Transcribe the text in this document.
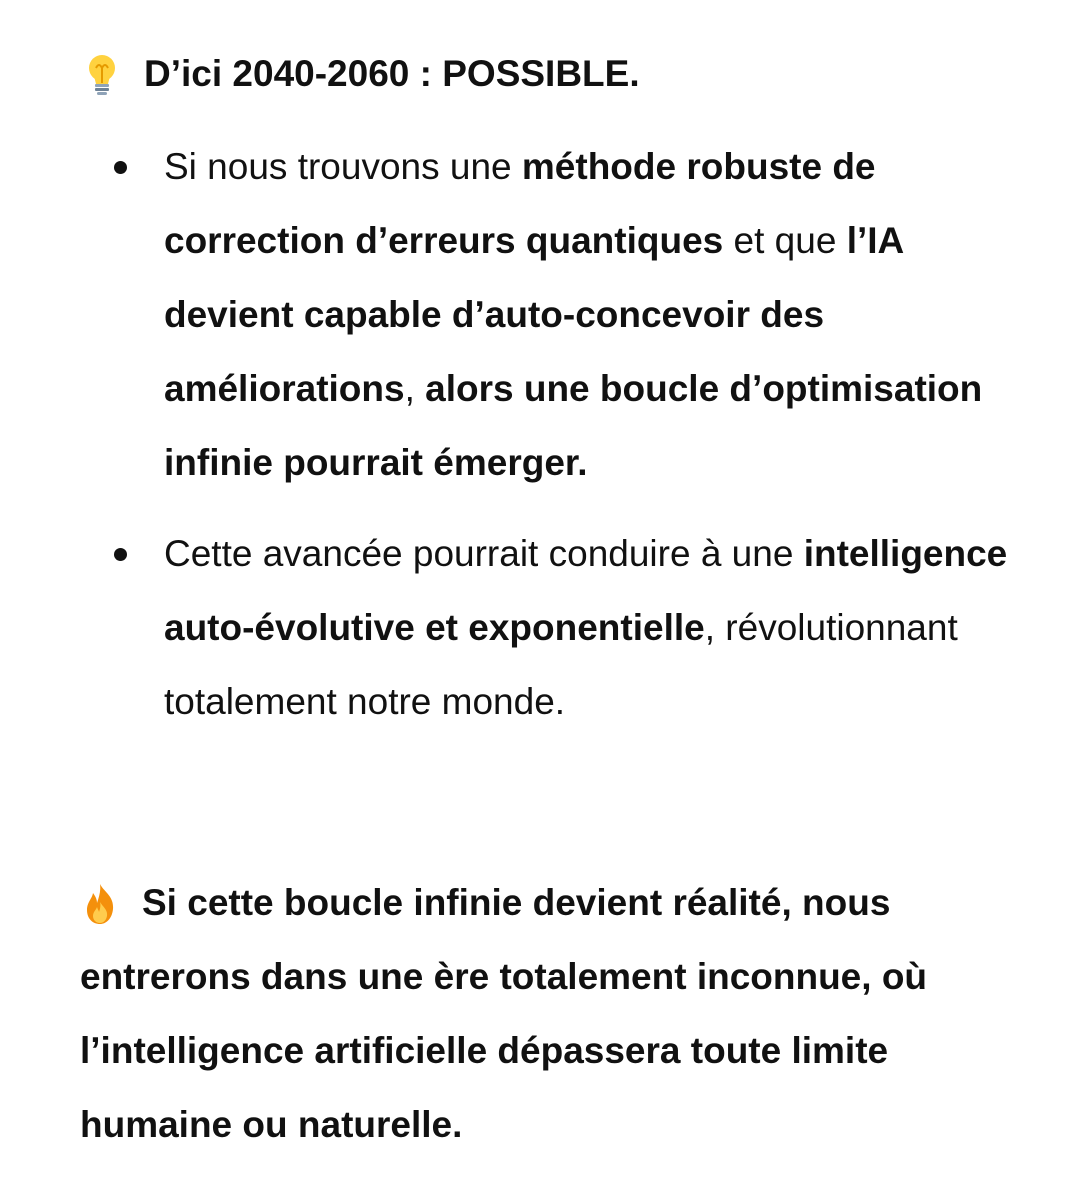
D’ici 2040-2060 : POSSIBLE.
Si nous trouvons une méthode robuste de correction d’erreurs quantiques et que l’IA devient capable d’auto-concevoir des améliorations, alors une boucle d’optimisation infinie pourrait émerger.
Cette avancée pourrait conduire à une intelligence auto-évolutive et exponentielle, révolutionnant totalement notre monde.
Si cette boucle infinie devient réalité, nous entrerons dans une ère totalement inconnue, où l’intelligence artificielle dépassera toute limite humaine ou naturelle.
